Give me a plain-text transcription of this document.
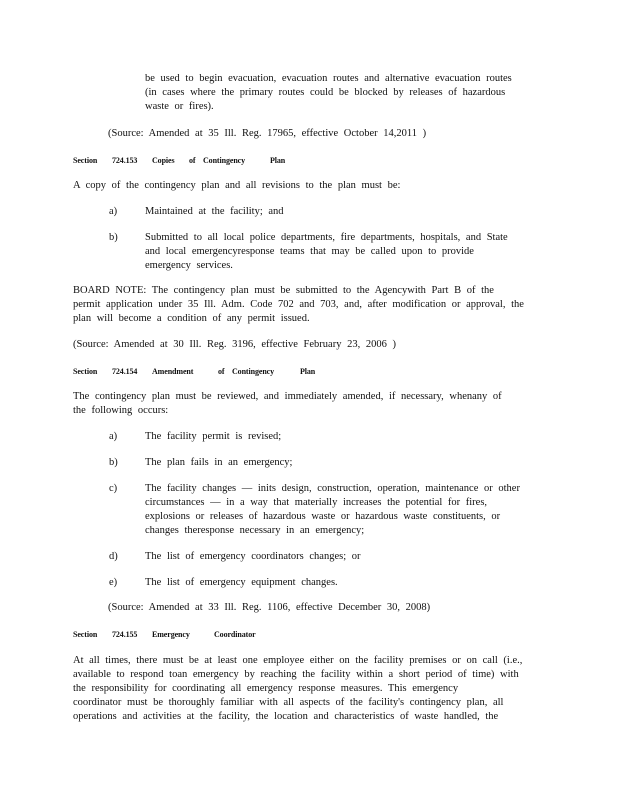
be used to begin evacuation, evacuation routes and alternative evacuation routes
(in cases where the primary routes could be blocked by releases of hazardous
waste or fires).
(Source: Amended at 35 Ill. Reg. 17965, effective October 14,2011 )
Section 724.153 Copies of Contingency	Plan
A copy of the contingency plan and all revisions to the plan must be:
a)	Maintained at the facility; and
b)	Submitted to all local police departments, fire departments, hospitals, and State
and local emergencyresponse teams that may be called upon to provide
emergency services.
BOARD NOTE: The contingency plan must be submitted to the Agencywith Part B of the
permit application under 35 Ill. Adm. Code 702 and 703, and, after modification or approval, the
plan will become a condition of any permit issued.
(Source: Amended at 30 Ill. Reg. 3196, effective February 23, 2006 )
Section 724.154 Amendment	of Contingency	Plan
The contingency plan must be reviewed, and immediately amended, if necessary, whenany of
the following occurs:
a)	The facility permit is revised;
b)	The plan fails in an emergency;
c)	The facility changes — inits design, construction, operation, maintenance or other
circumstances — in a way that materially increases the potential for fires,
explosions or releases of hazardous waste or hazardous waste constituents, or
changes theresponse necessary in an emergency;
d)	The list of emergency coordinators changes; or
e)	The list of emergency equipment changes.
(Source: Amended at 33 Ill. Reg. 1106, effective December 30, 2008)
Section 724.155 Emergency	Coordinator
At all times, there must be at least one employee either on the facility premises or on call (i.e.,
available to respond toan emergency by reaching the facility within a short period of time) with
the responsibility for coordinating all emergency response measures. This emergency
coordinator must be thoroughly familiar with all aspects of the facility's contingency plan, all
operations and activities at the facility, the location and characteristics of waste handled, the
